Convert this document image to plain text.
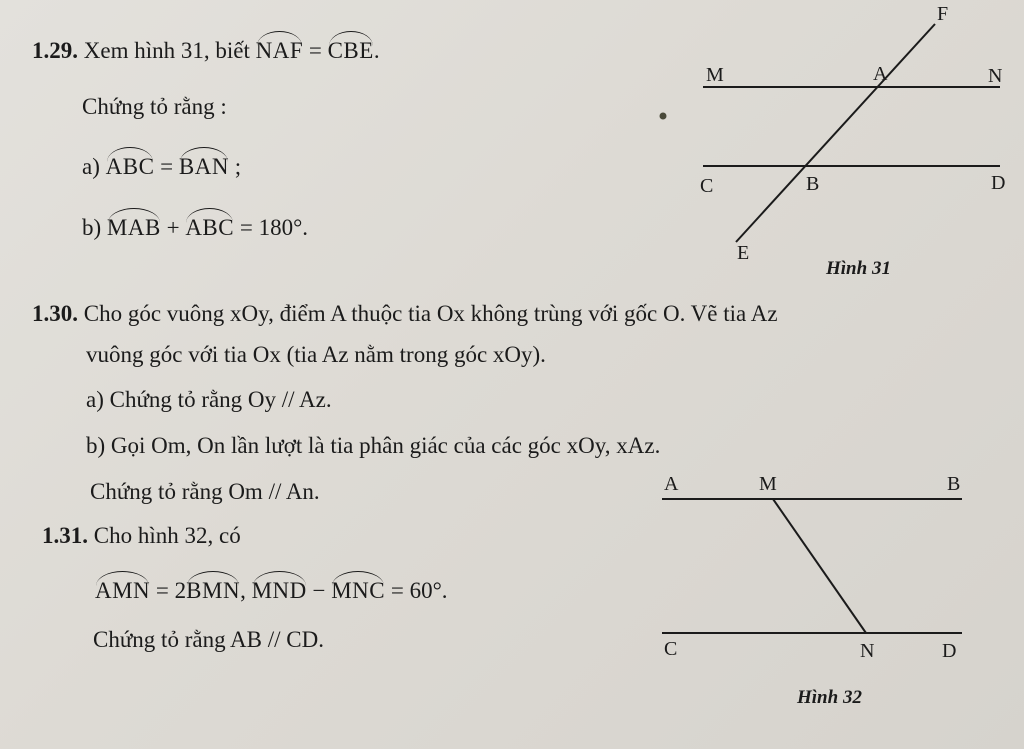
1.29. Xem hình 31, biết NAF = CBE.
Chứng tỏ rằng :
a) ABC = BAN ;
b) MAB + ABC = 180°.
F
M	A	N
C	B	D
E
A	M	B
C	N	D
Hình 31
Hình 32
1.30. Cho góc vuông xOy, điểm A thuộc tia Ox không trùng với gốc O. Vẽ tia Az
vuông góc với tia Ox (tia Az nằm trong góc xOy).
a) Chứng tỏ rằng Oy // Az.
b) Gọi Om, On lần lượt là tia phân giác của các góc xOy, xAz.
Chứng tỏ rằng Om // An.
1.31. Cho hình 32, có
AMN = 2BMN, MND − MNC = 60°.
Chứng tỏ rằng AB // CD.
